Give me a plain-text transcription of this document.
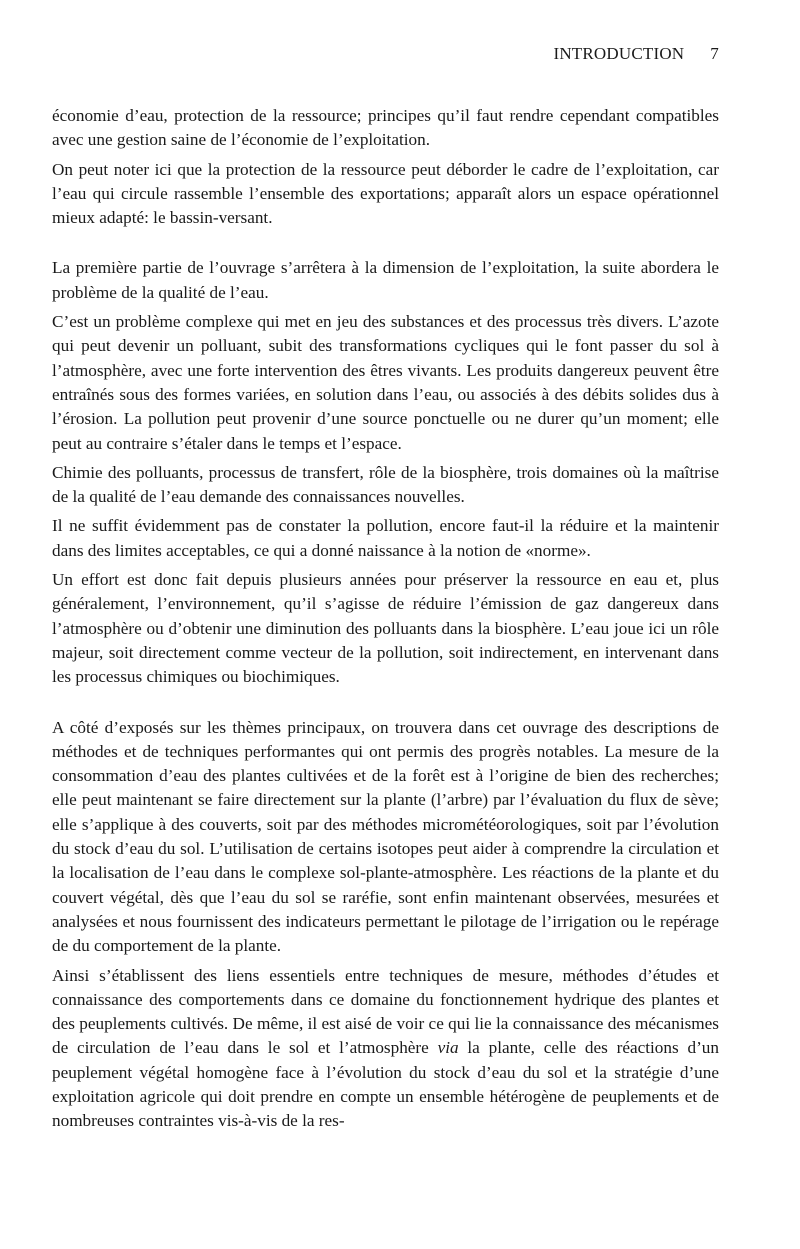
INTRODUCTION 7

économie d’eau, protection de la ressource; principes qu’il faut rendre cependant compatibles avec une gestion saine de l’économie de l’exploitation.

On peut noter ici que la protection de la ressource peut déborder le cadre de l’exploitation, car l’eau qui circule rassemble l’ensemble des exportations; apparaît alors un espace opérationnel mieux adapté: le bassin-versant.

La première partie de l’ouvrage s’arrêtera à la dimension de l’exploitation, la suite abordera le problème de la qualité de l’eau.

C’est un problème complexe qui met en jeu des substances et des processus très divers. L’azote qui peut devenir un polluant, subit des transformations cycliques qui le font passer du sol à l’atmosphère, avec une forte intervention des êtres vivants. Les produits dangereux peuvent être entraînés sous des formes variées, en solution dans l’eau, ou associés à des débits solides dus à l’érosion. La pollution peut provenir d’une source ponctuelle ou ne durer qu’un moment; elle peut au contraire s’étaler dans le temps et l’espace.

Chimie des polluants, processus de transfert, rôle de la biosphère, trois domaines où la maîtrise de la qualité de l’eau demande des connaissances nouvelles.

Il ne suffit évidemment pas de constater la pollution, encore faut-il la réduire et la maintenir dans des limites acceptables, ce qui a donné naissance à la notion de «norme».

Un effort est donc fait depuis plusieurs années pour préserver la ressource en eau et, plus généralement, l’environnement, qu’il s’agisse de réduire l’émission de gaz dangereux dans l’atmosphère ou d’obtenir une diminution des polluants dans la biosphère. L’eau joue ici un rôle majeur, soit directement comme vecteur de la pollution, soit indirectement, en intervenant dans les processus chimiques ou biochimiques.

A côté d’exposés sur les thèmes principaux, on trouvera dans cet ouvrage des descriptions de méthodes et de techniques performantes qui ont permis des progrès notables. La mesure de la consommation d’eau des plantes cultivées et de la forêt est à l’origine de bien des recherches; elle peut maintenant se faire directement sur la plante (l’arbre) par l’évaluation du flux de sève; elle s’applique à des couverts, soit par des méthodes micrométéorologiques, soit par l’évolution du stock d’eau du sol. L’utilisation de certains isotopes peut aider à comprendre la circulation et la localisation de l’eau dans le complexe sol-plante-atmosphère. Les réactions de la plante et du couvert végétal, dès que l’eau du sol se raréfie, sont enfin maintenant observées, mesurées et analysées et nous fournissent des indicateurs permettant le pilotage de l’irrigation ou le repérage de du comportement de la plante.

Ainsi s’établissent des liens essentiels entre techniques de mesure, méthodes d’études et connaissance des comportements dans ce domaine du fonctionnement hydrique des plantes et des peuplements cultivés. De même, il est aisé de voir ce qui lie la connaissance des mécanismes de circulation de l’eau dans le sol et l’atmosphère via la plante, celle des réactions d’un peuplement végétal homogène face à l’évolution du stock d’eau du sol et la stratégie d’une exploitation agricole qui doit prendre en compte un ensemble hétérogène de peuplements et de nombreuses contraintes vis-à-vis de la res-
